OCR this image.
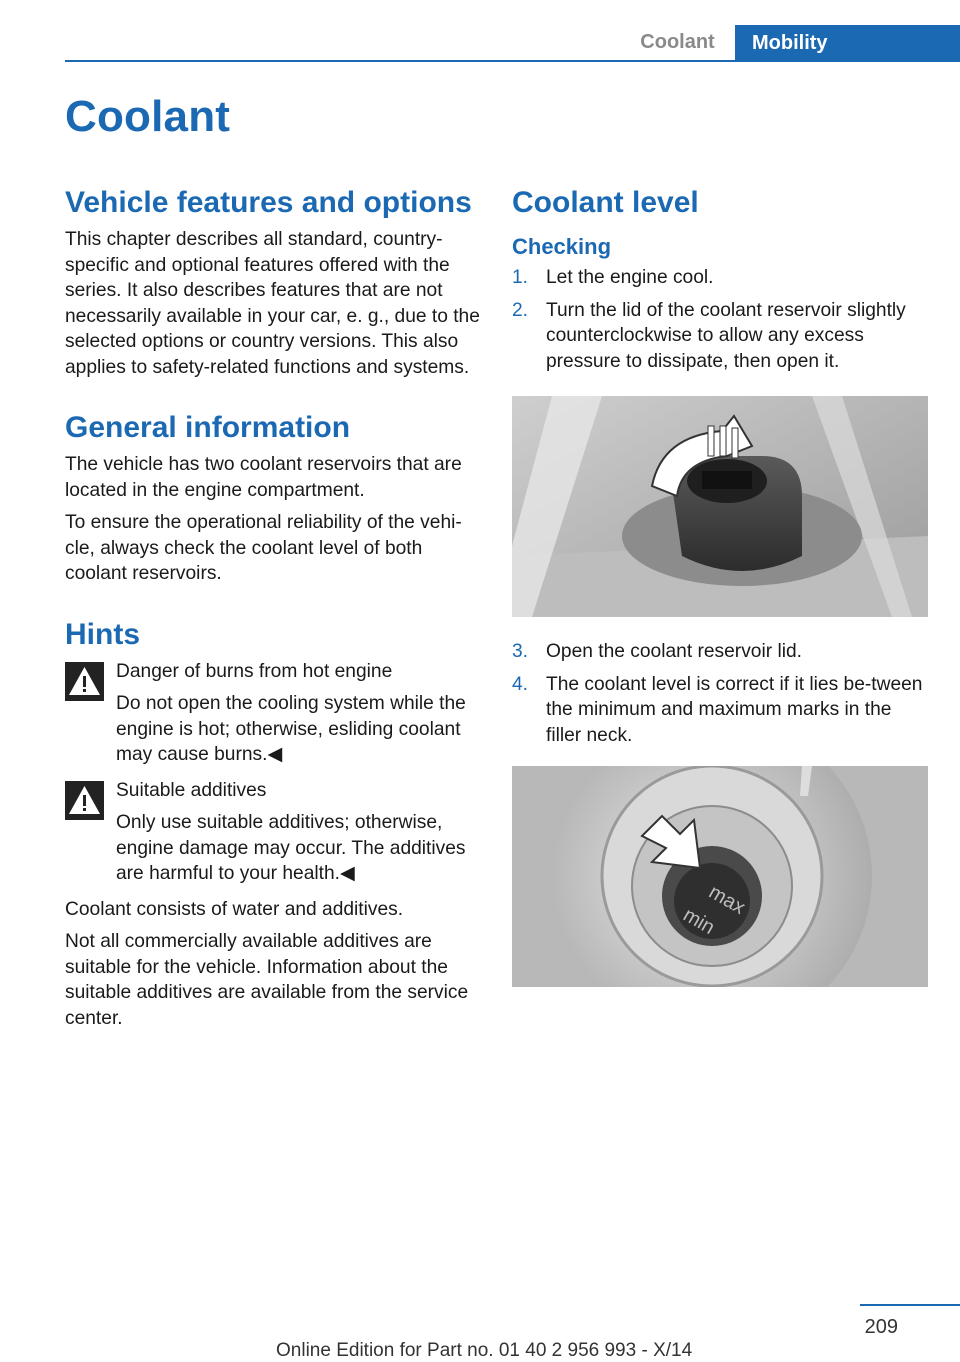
Coolant	Mobility
Coolant
Vehicle features and options

This chapter describes all standard, country-specific and optional features offered with the series. It also describes features that are not necessarily available in your car, e. g., due to the selected options or country versions. This also applies to safety-related functions and systems.

General information

The vehicle has two coolant reservoirs that are located in the engine compartment.

To ensure the operational reliability of the vehi‐cle, always check the coolant level of both coolant reservoirs.

Hints

Danger of burns from hot engine

Do not open the cooling system while the engine is hot; otherwise, esliding coolant may cause burns.◀

Suitable additives

Only use suitable additives; otherwise, engine damage may occur. The additives are harmful to your health.◀

Coolant consists of water and additives.

Not all commercially available additives are suitable for the vehicle. Information about the suitable additives are available from the service center.

Coolant level
Checking
1. Let the engine cool.
2. Turn the lid of the coolant reservoir slightly counterclockwise to allow any excess pressure to dissipate, then open it.
3. Open the coolant reservoir lid.
4. The coolant level is correct if it lies be‐tween the minimum and maximum marks in the filler neck.
max
min
209
Online Edition for Part no. 01 40 2 956 993 - X/14
